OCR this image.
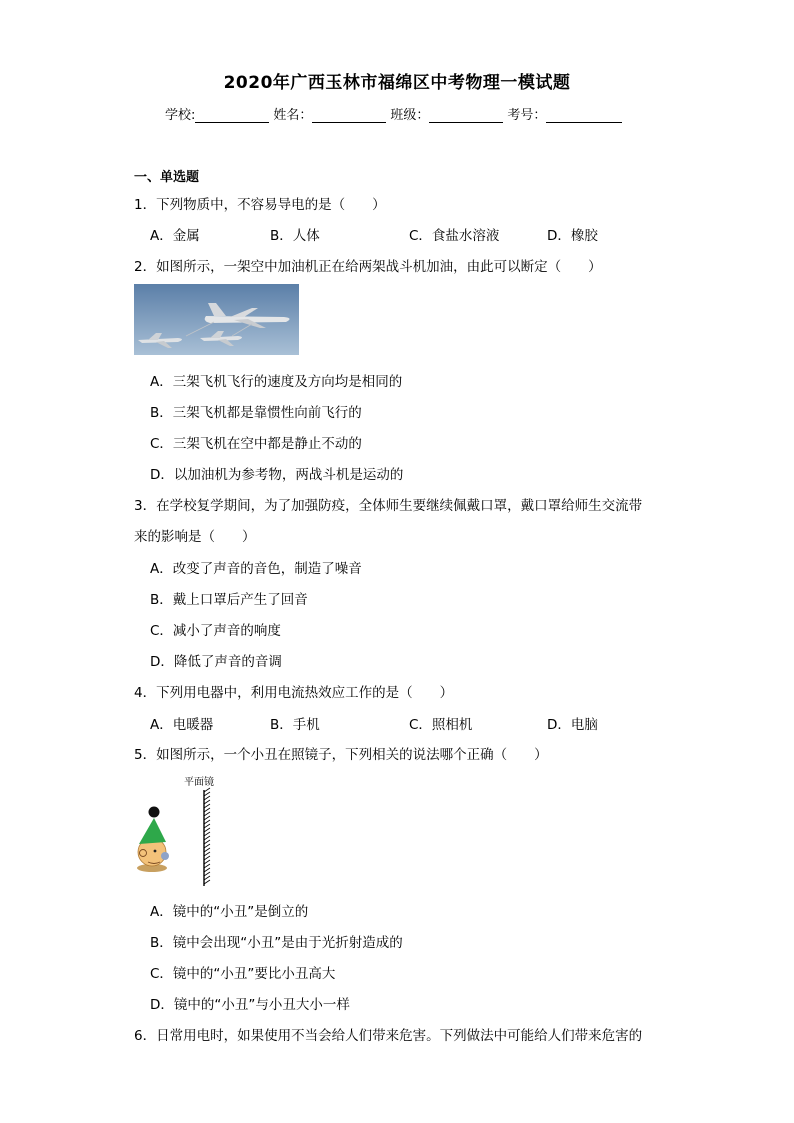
2020年广西玉林市福绵区中考物理一模试题
学校:	姓名：	班级：	考号：
一、单选题
1．下列物质中，不容易导电的是（　　）
A．金属	B．人体	C．食盐水溶液	D．橡胶
2．如图所示，一架空中加油机正在给两架战斗机加油，由此可以断定（　　）
A．三架飞机飞行的速度及方向均是相同的
B．三架飞机都是靠惯性向前飞行的
C．三架飞机在空中都是静止不动的
D．以加油机为参考物，两战斗机是运动的
3．在学校复学期间，为了加强防疫，全体师生要继续佩戴口罩，戴口罩给师生交流带
来的影响是（　　）
A．改变了声音的音色，制造了噪音
B．戴上口罩后产生了回音
C．减小了声音的响度
D．降低了声音的音调
4．下列用电器中，利用电流热效应工作的是（　　）
A．电暖器	B．手机	C．照相机	D．电脑
5．如图所示，一个小丑在照镜子，下列相关的说法哪个正确（　　）
平面镜
A．镜中的“小丑”是倒立的
B．镜中会出现“小丑”是由于光折射造成的
C．镜中的“小丑”要比小丑高大
D．镜中的“小丑”与小丑大小一样
6．日常用电时，如果使用不当会给人们带来危害。下列做法中可能给人们带来危害的
